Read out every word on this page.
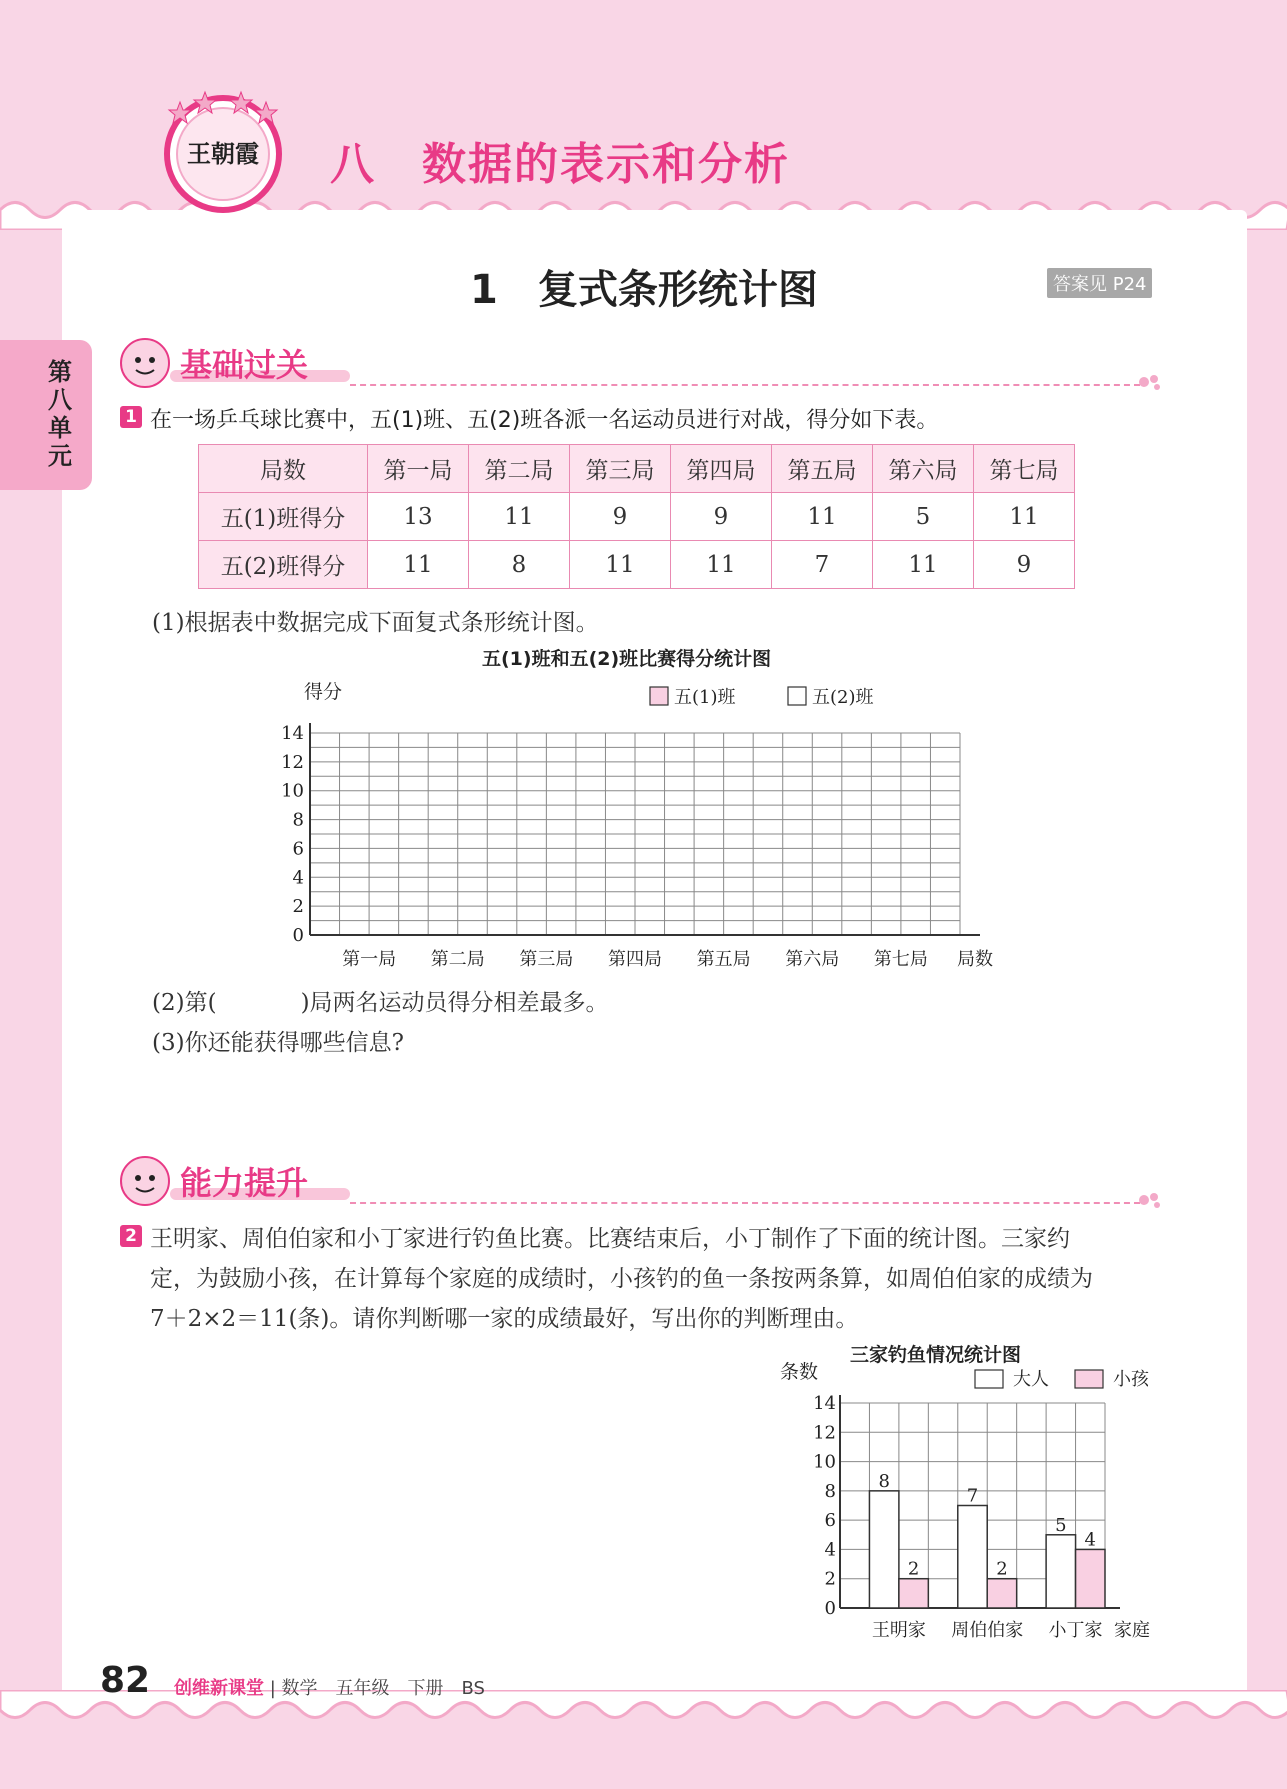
王朝霞 八　数据的表示和分析
1　复式条形统计图	答案见 P24
第八单元
基础过关
1 在一场乒乓球比赛中，五(1)班、五(2)班各派一名运动员进行对战，得分如下表。
局数	第一局	第二局	第三局	第四局	第五局	第六局	第七局
五(1)班得分	13	11	9	9	11	5	11
五(2)班得分	11	8	11	11	7	11	9
(1)根据表中数据完成下面复式条形统计图。
五(1)班和五(2)班比赛得分统计图
0
2
4
6
8
10
12
14
得分
第一局 第二局 第三局 第四局 第五局 第六局 第七局 局数
五(1)班	五(2)班
(2)第(	)局两名运动员得分相差最多。
(3)你还能获得哪些信息?
能力提升
2 王明家、周伯伯家和小丁家进行钓鱼比赛。比赛结束后，小丁制作了下面的统计图。三家约
定，为鼓励小孩，在计算每个家庭的成绩时，小孩钓的鱼一条按两条算，如周伯伯家的成绩为
7＋2×2＝11(条)。请你判断哪一家的成绩最好，写出你的判断理由。
三家钓鱼情况统计图
0
2
4
6
8
10
12
14
条数
8
2
王明家
7
2
周伯伯家
5
4
小丁家 家庭
大人	小孩
82 创维新课堂 | 数学　五年级　下册　BS
